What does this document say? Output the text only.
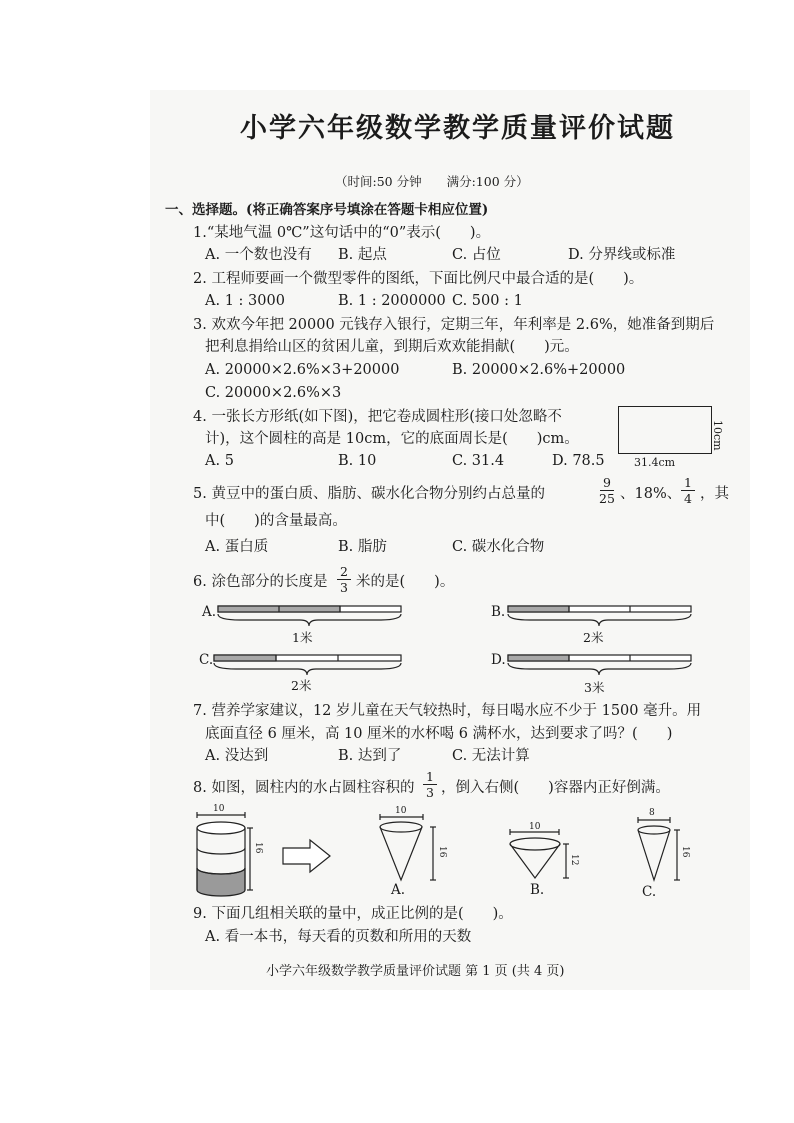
小学六年级数学教学质量评价试题
（时间:50 分钟　　满分:100 分）
一、选择题。(将正确答案序号填涂在答题卡相应位置)
1.“某地气温 0℃”这句话中的“0”表示(　　)。
A. 一个数也没有 B. 起点	C. 占位	D. 分界线或标准
2. 工程师要画一个微型零件的图纸，下面比例尺中最合适的是(　　)。
A. 1 : 3000	B. 1 : 2000000 C. 500 : 1
3. 欢欢今年把 20000 元钱存入银行，定期三年，年利率是 2.6%，她准备到期后
把利息捐给山区的贫困儿童，到期后欢欢能捐献(　　)元。
A. 20000×2.6%×3+20000	B. 20000×2.6%+20000
C. 20000×2.6%×3
4. 一张长方形纸(如下图)，把它卷成圆柱形(接口处忽略不
计)，这个圆柱的高是 10cm，它的底面周长是(　　)cm。
A. 5	B. 10	C. 31.4	D. 78.5	31.4cm
10cm
5. 黄豆中的蛋白质、脂肪、碳水化合物分别约占总量的
9
25 、18%、
1
4 ，其
中(　　)的含量最高。
A. 蛋白质	B. 脂肪	C. 碳水化合物
6. 涂色部分的长度是
2
3 米的是(　　)。
A.	B.
C.	D.
1米	2米
2米	3米
7. 营养学家建议，12 岁儿童在天气较热时，每日喝水应不少于 1500 毫升。用
底面直径 6 厘米，高 10 厘米的水杯喝 6 满杯水，达到要求了吗？(　　)
A. 没达到	B. 达到了	C. 无法计算
8. 如图，圆柱内的水占圆柱容积的
1
3 ，倒入右侧(　　)容器内正好倒满。
10
16
10
16
10
12
8
16
A.	B.	C.
9. 下面几组相关联的量中，成正比例的是(　　)。
A. 看一本书，每天看的页数和所用的天数
小学六年级数学教学质量评价试题 第 1 页 (共 4 页)
